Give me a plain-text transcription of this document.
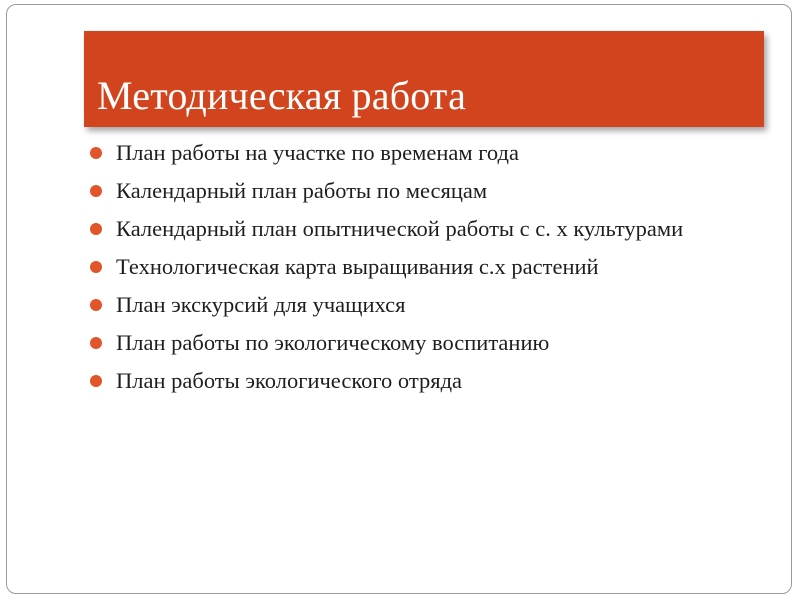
Методическая работа
План работы на участке по временам года
Календарный план работы по месяцам
Календарный план опытнической работы с с. х культурами
Технологическая карта выращивания с.х растений
План экскурсий для учащихся
План работы по экологическому воспитанию
План работы экологического отряда
